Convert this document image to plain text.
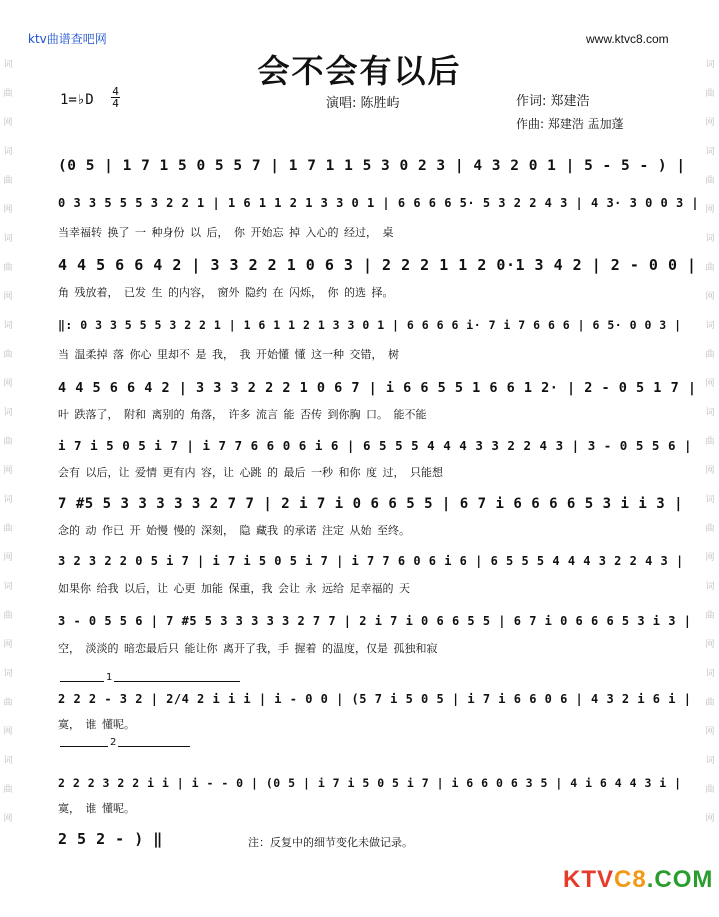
ktv曲谱查吧网	www.ktvc8.com
会不会有以后
1=♭D
4
4	演唱: 陈胜屿	作词: 郑建浩
作曲: 郑建浩 盂加蓬
词
曲
网
词
曲
网
词
曲
网
词
曲
网
词
曲
网
词
曲
网
词
曲
网
词
曲
网
词
曲
网
词
曲
网
词
曲
网
词
曲
网
词
曲
网
词
曲
网
词
曲
网
词
曲
网
词
曲
网
词
曲
网
(0 5 | 1 7 1 5 0 5 5 7 | 1 7 1 1 5 3 0 2 3 | 4 3 2 0 1 | 5 - 5 - ) |
0 3 3 5 5 5 3 2 2 1 | 1 6 1 1 2 1 3 3 0 1 | 6 6 6 6 5· 5 3 2 2 4 3 | 4 3· 3 0 0 3 |
当幸福转 换了 一 种身份 以 后， 你 开始忘 掉 入心的 经过， 桌
4 4 5 6 6 4 2 | 3 3 2 2 1 0 6 3 | 2 2 2 1 1 2 0·1 3 4 2 | 2 - 0 0 |
角 残放着， 已发 生 的内容， 窗外 隐约 在 闪烁， 你 的选 择。
‖: 0 3 3 5 5 5 3 2 2 1 | 1 6 1 1 2 1 3 3 0 1 | 6 6 6 6 i· 7 i 7 6 6 6 | 6 5· 0 0 3 |
当 温柔掉 落 你心 里却不 是 我， 我 开始懂 懂 这一种 交错， 树
4 4 5 6 6 4 2 | 3 3 3 2 2 2 1 0 6 7 | i 6 6 5 5 1 6 6 1 2· | 2 - 0 5 1 7 |
叶 跌落了， 附和 离别的 角落， 许多 流言 能 否传 到你胸 口。 能不能
i 7 i 5 0 5 i 7 | i 7 7 6 6 0 6 i 6 | 6 5 5 5 4 4 4 3 3 2 2 4 3 | 3 - 0 5 5 6 |
会有 以后，让 爱情 更有内 容，让 心跳 的 最后 一秒 和你 度 过， 只能想
7 #5 5 3 3 3 3 3 2 7 7 | 2 i 7 i 0 6 6 5 5 | 6 7 i 6 6 6 6 5 3 i i 3 |
念的 动 作已 开 始慢 慢的 深刻， 隐 藏我 的承诺 注定 从始 至终。
3 2 3 2 2 0 5 i 7 | i 7 i 5 0 5 i 7 | i 7 7 6 0 6 i 6 | 6 5 5 5 4 4 4 3 2 2 4 3 |
如果你 给我 以后，让 心更 加能 保重，我 会让 永 远给 足幸福的 天
3 - 0 5 5 6 | 7 #5 5 3 3 3 3 3 2 7 7 | 2 i 7 i 0 6 6 5 5 | 6 7 i 0 6 6 6 5 3 i 3 |
空， 淡淡的 暗恋最后只 能让你 离开了我，手 握着 的温度，仅是 孤独和寂
2 2 2 - 3 2 | 2/4 2 i i i | i - 0 0 | (5 7 i 5 0 5 | i 7 i 6 6 0 6 | 4 3 2 i 6 i |
寞， 谁 懂呢。
2 2 2 3 2 2 i i | i - - 0 | (0 5 | i 7 i 5 0 5 i 7 | i 6 6 0 6 3 5 | 4 i 6 4 4 3 i |
寞， 谁 懂呢。
2 5 2 - ) ‖
1
2
注：反复中的细节变化未做记录。
KTVC8.COM
